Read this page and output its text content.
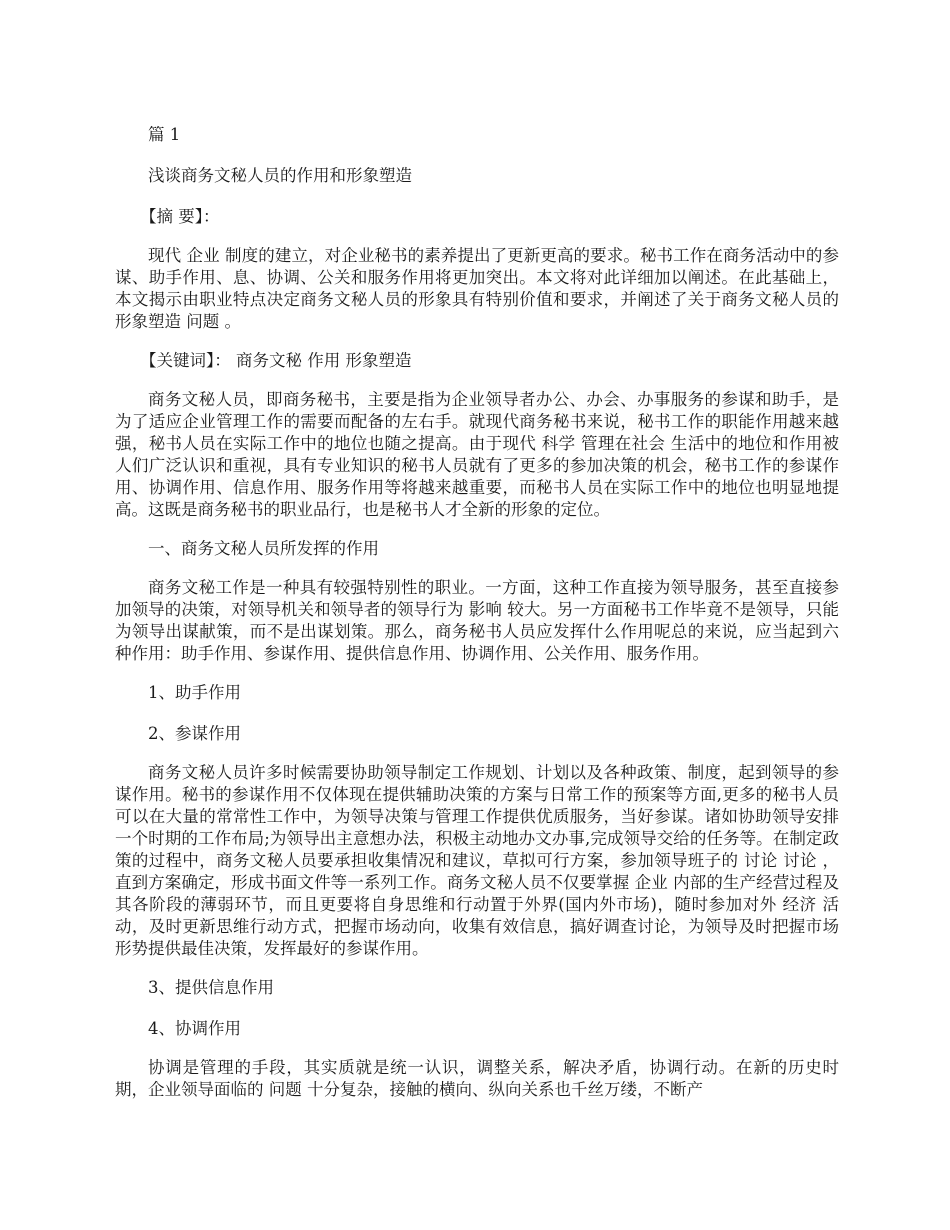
篇 1
浅谈商务文秘人员的作用和形象塑造
【摘 要】：

现代 企业 制度的建立，对企业秘书的素养提出了更新更高的要求。秘书工作在商务活动中的参谋、助手作用、息、协调、公关和服务作用将更加突出。本文将对此详细加以阐述。在此基础上，本文揭示由职业特点决定商务文秘人员的形象具有特别价值和要求，并阐述了关于商务文秘人员的形象塑造 问题 。

【关键词】： 商务文秘 作用 形象塑造

商务文秘人员，即商务秘书，主要是指为企业领导者办公、办会、办事服务的参谋和助手，是为了适应企业管理工作的需要而配备的左右手。就现代商务秘书来说，秘书工作的职能作用越来越强，秘书人员在实际工作中的地位也随之提高。由于现代 科学 管理在社会 生活中的地位和作用被人们广泛认识和重视，具有专业知识的秘书人员就有了更多的参加决策的机会，秘书工作的参谋作用、协调作用、信息作用、服务作用等将越来越重要，而秘书人员在实际工作中的地位也明显地提高。这既是商务秘书的职业品行，也是秘书人才全新的形象的定位。

一、商务文秘人员所发挥的作用

商务文秘工作是一种具有较强特别性的职业。一方面，这种工作直接为领导服务，甚至直接参加领导的决策，对领导机关和领导者的领导行为 影响 较大。另一方面秘书工作毕竟不是领导，只能为领导出谋献策，而不是出谋划策。那么，商务秘书人员应发挥什么作用呢总的来说，应当起到六种作用：助手作用、参谋作用、提供信息作用、协调作用、公关作用、服务作用。

1、助手作用
2、参谋作用

商务文秘人员许多时候需要协助领导制定工作规划、计划以及各种政策、制度，起到领导的参谋作用。秘书的参谋作用不仅体现在提供辅助决策的方案与日常工作的预案等方面,更多的秘书人员可以在大量的常常性工作中，为领导决策与管理工作提供优质服务，当好参谋。诸如协助领导安排一个时期的工作布局;为领导出主意想办法，积极主动地办文办事,完成领导交给的任务等。在制定政策的过程中，商务文秘人员要承担收集情况和建议，草拟可行方案，参加领导班子的 讨论 讨论 ，直到方案确定，形成书面文件等一系列工作。商务文秘人员不仅要掌握 企业 内部的生产经营过程及其各阶段的薄弱环节，而且更要将自身思维和行动置于外界(国内外市场)，随时参加对外 经济 活动，及时更新思维行动方式，把握市场动向，收集有效信息，搞好调查讨论，为领导及时把握市场形势提供最佳决策，发挥最好的参谋作用。

3、提供信息作用
4、协调作用

协调是管理的手段，其实质就是统一认识，调整关系，解决矛盾，协调行动。在新的历史时期，企业领导面临的 问题 十分复杂，接触的横向、纵向关系也千丝万缕，不断产
